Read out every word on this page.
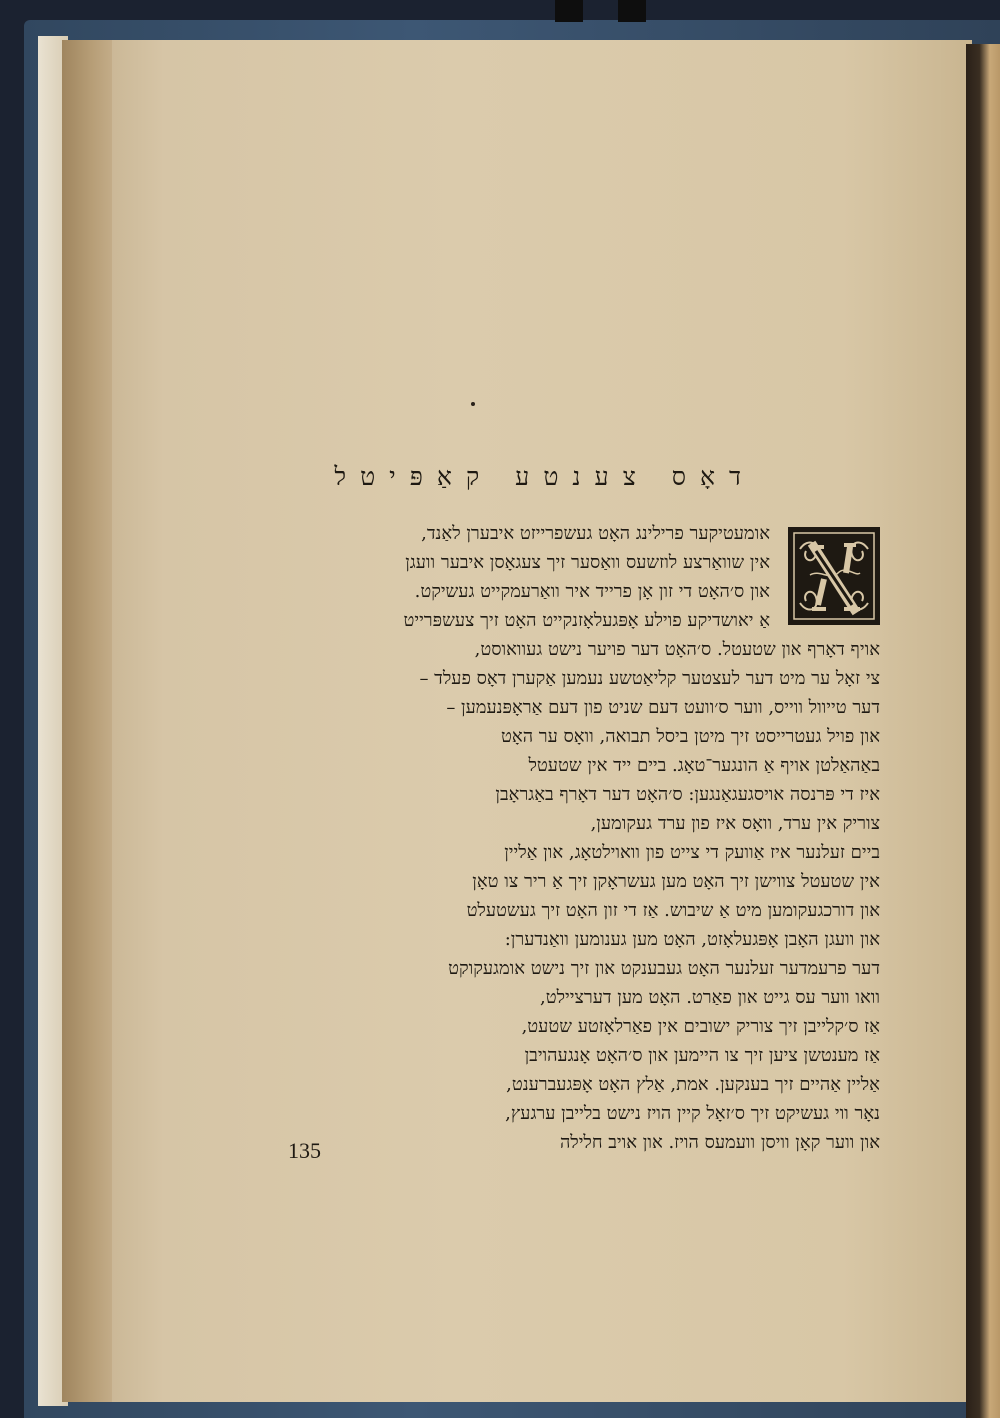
דאָס צענטע קאַפּיטל
אומעטיקער פרילינג האָט געשפרייזט איבערן לאַנד,
אין שוואַרצע לוזשעס וואַסער זיך צעגאָסן איבער וועגן
און ס׳האָט די זון אָן פרייד איר וואַרעמקייט געשיקט.
אַ יאושדיקע פוילע אָפּגעלאָזנקייט האָט זיך צעשפּרייט
אויף דאָרף און שטעטל. ס׳האָט דער פויער נישט געוואוסט,
צי זאָל ער מיט דער לעצטער קליאַטשע נעמען אַקערן דאָס פעלד –
דער טייוול ווייס, ווער ס׳וועט דעם שניט פון דעם אַראָפּנעמען –
און פויל געטרייסט זיך מיטן ביסל תבואה, וואָס ער האָט
באַהאַלטן אויף אַ הונגער־טאָג. ביים ייד אין שטעטל
איז די פּרנסה אויסגעגאַנגען: ס׳האָט דער דאָרף באַגראָבן
צוריק אין ערד, וואָס איז פון ערד געקומען,
ביים זעלנער איז אַוועק די צייט פון וואוילטאָג, און אַליין
אין שטעטל צווישן זיך האָט מען געשראָקן זיך אַ ריר צו טאָן
און דורכגעקומען מיט אַ שיבוש. אַז די זון האָט זיך געשטעלט
און וועגן האָבן אָפּגעלאָזט, האָט מען גענומען וואַנדערן:
דער פרעמדער זעלנער האָט געבענקט און זיך נישט אומגעקוקט
וואו ווער עס גייט און פאַרט. האָט מען דערציילט,
אַז ס׳קלייבן זיך צוריק ישובים אין פאַרלאָזטע שטעט,
אַז מענטשן ציען זיך צו היימען און ס׳האָט אָנגעהויבן
אַליין אַהיים זיך בענקען. אמת, אַלץ האָט אָפּגעברענט,
נאָר ווי געשיקט זיך ס׳זאָל קיין הויז נישט בלייבן ערגעץ,
און ווער קאָן וויסן וועמעס הויז. און אויב חלילה
135
